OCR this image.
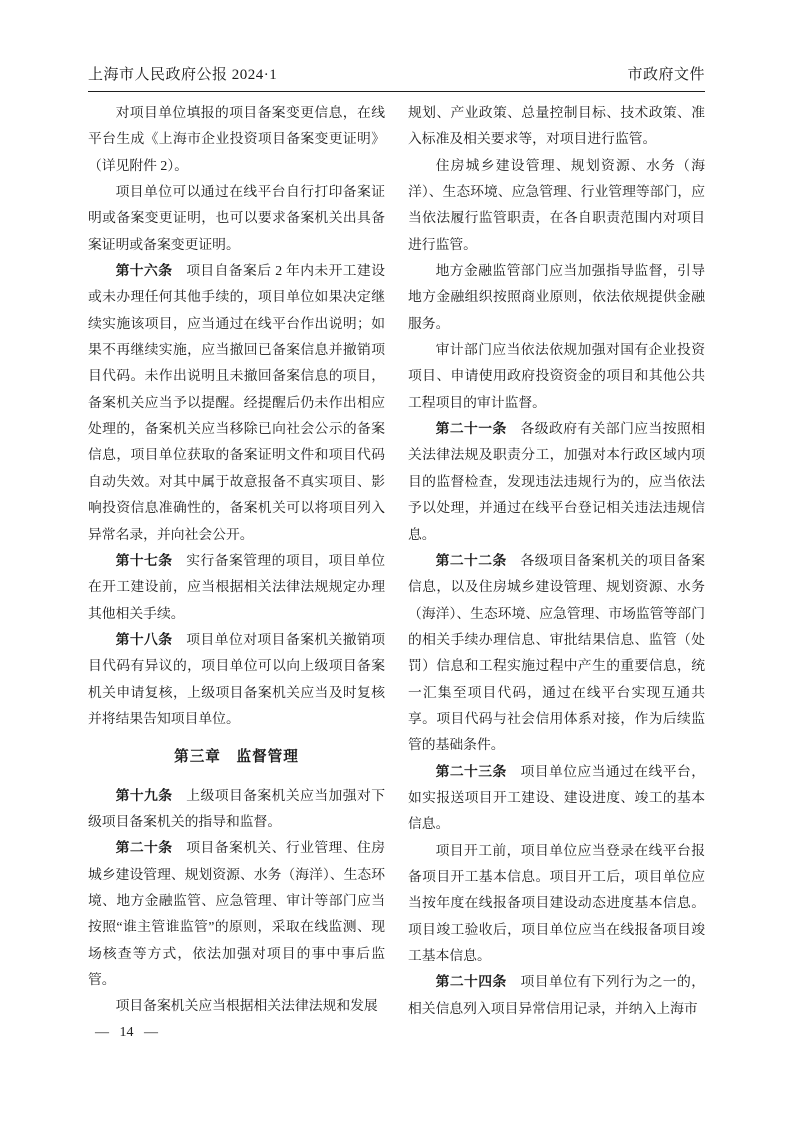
上海市人民政府公报 2024·1	市政府文件

对项目单位填报的项目备案变更信息，在线平台生成《上海市企业投资项目备案变更证明》（详见附件 2）。

项目单位可以通过在线平台自行打印备案证明或备案变更证明，也可以要求备案机关出具备案证明或备案变更证明。

第十六条 项目自备案后 2 年内未开工建设或未办理任何其他手续的，项目单位如果决定继续实施该项目，应当通过在线平台作出说明；如果不再继续实施，应当撤回已备案信息并撤销项目代码。未作出说明且未撤回备案信息的项目，备案机关应当予以提醒。经提醒后仍未作出相应处理的，备案机关应当移除已向社会公示的备案信息，项目单位获取的备案证明文件和项目代码自动失效。对其中属于故意报备不真实项目、影响投资信息准确性的，备案机关可以将项目列入异常名录，并向社会公开。

第十七条 实行备案管理的项目，项目单位在开工建设前，应当根据相关法律法规规定办理其他相关手续。

第十八条 项目单位对项目备案机关撤销项目代码有异议的，项目单位可以向上级项目备案机关申请复核，上级项目备案机关应当及时复核并将结果告知项目单位。

第三章　监督管理

第十九条 上级项目备案机关应当加强对下级项目备案机关的指导和监督。

第二十条 项目备案机关、行业管理、住房城乡建设管理、规划资源、水务（海洋）、生态环境、地方金融监管、应急管理、审计等部门应当按照“谁主管谁监管”的原则，采取在线监测、现场核查等方式，依法加强对项目的事中事后监管。

项目备案机关应当根据相关法律法规和发展

规划、产业政策、总量控制目标、技术政策、准入标准及相关要求等，对项目进行监管。

住房城乡建设管理、规划资源、水务（海洋）、生态环境、应急管理、行业管理等部门，应当依法履行监管职责，在各自职责范围内对项目进行监管。

地方金融监管部门应当加强指导监督，引导地方金融组织按照商业原则，依法依规提供金融服务。

审计部门应当依法依规加强对国有企业投资项目、申请使用政府投资资金的项目和其他公共工程项目的审计监督。

第二十一条 各级政府有关部门应当按照相关法律法规及职责分工，加强对本行政区域内项目的监督检查，发现违法违规行为的，应当依法予以处理，并通过在线平台登记相关违法违规信息。

第二十二条 各级项目备案机关的项目备案信息，以及住房城乡建设管理、规划资源、水务（海洋）、生态环境、应急管理、市场监管等部门的相关手续办理信息、审批结果信息、监管（处罚）信息和工程实施过程中产生的重要信息，统一汇集至项目代码，通过在线平台实现互通共享。项目代码与社会信用体系对接，作为后续监管的基础条件。

第二十三条 项目单位应当通过在线平台，如实报送项目开工建设、建设进度、竣工的基本信息。

项目开工前，项目单位应当登录在线平台报备项目开工基本信息。项目开工后，项目单位应当按年度在线报备项目建设动态进度基本信息。项目竣工验收后，项目单位应当在线报备项目竣工基本信息。

第二十四条 项目单位有下列行为之一的，相关信息列入项目异常信用记录，并纳入上海市

— 14 —
